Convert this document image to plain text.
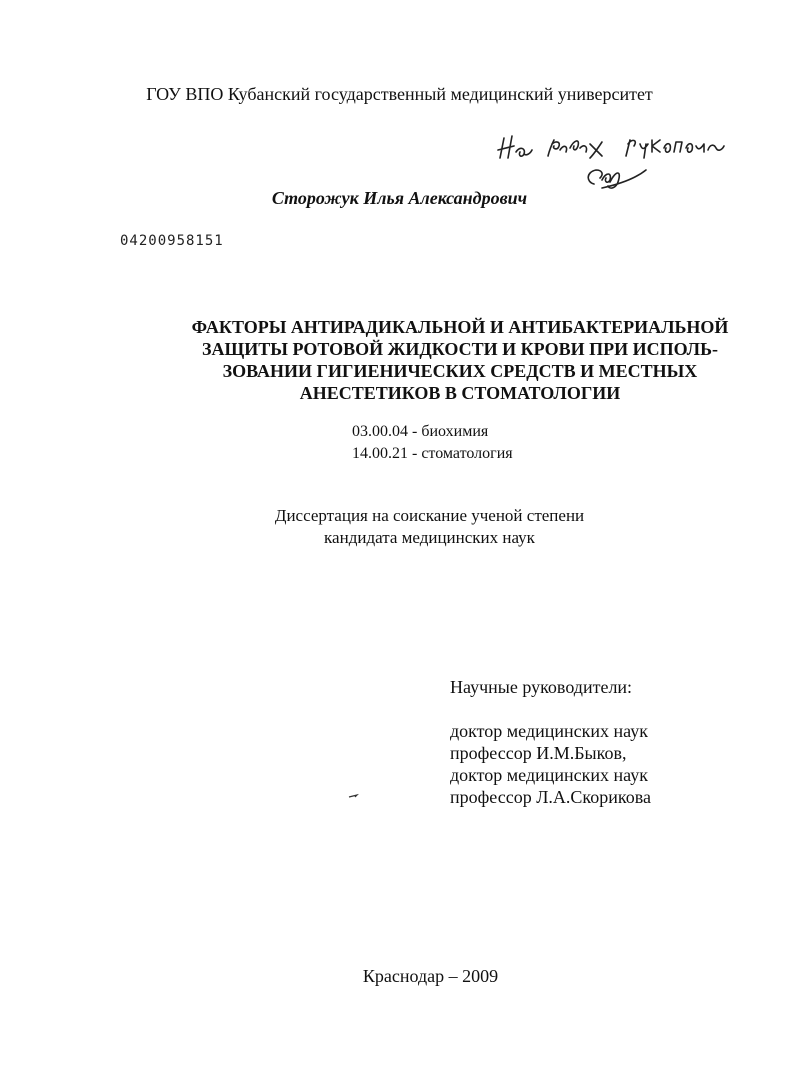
ГОУ ВПО Кубанский государственный медицинский университет
Сторожук Илья Александрович
04200958151
ФАКТОРЫ АНТИРАДИКАЛЬНОЙ И АНТИБАКТЕРИАЛЬНОЙ
ЗАЩИТЫ РОТОВОЙ ЖИДКОСТИ И КРОВИ ПРИ ИСПОЛЬ-
ЗОВАНИИ ГИГИЕНИЧЕСКИХ СРЕДСТВ И МЕСТНЫХ
АНЕСТЕТИКОВ В СТОМАТОЛОГИИ
03.00.04 - биохимия
14.00.21 - стоматология
Диссертация на соискание ученой степени
кандидата медицинских наук
Научные руководители:
доктор медицинских наук
профессор И.М.Быков,
доктор медицинских наук
профессор Л.А.Скорикова
Краснодар – 2009
